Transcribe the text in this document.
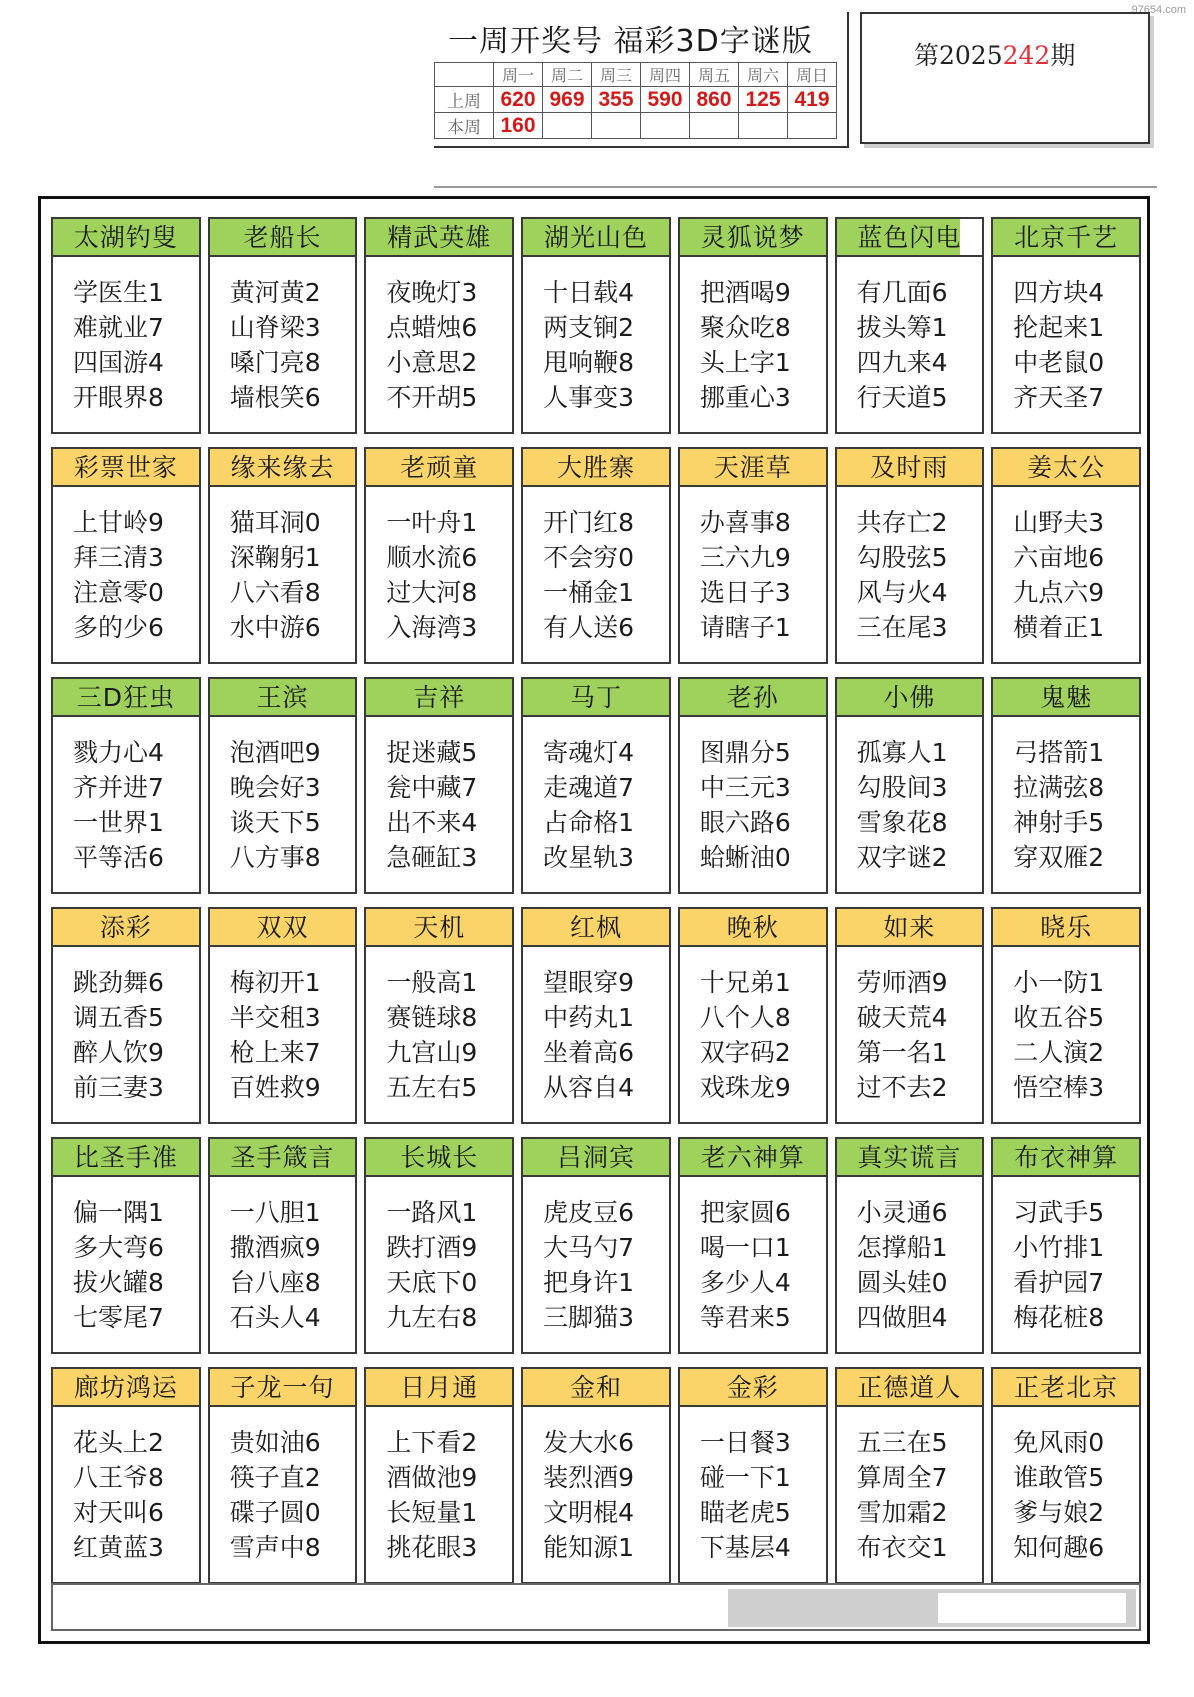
97654.com
一周开奖号 福彩3D字谜版
	周一	周二	周三	周四	周五	周六	周日
上周	620	969	355	590	860	125	419
本周	160						
第2025242期
太湖钓叟
学医生1
难就业7
四国游4
开眼界8
老船长
黄河黄2
山脊梁3
嗓门亮8
墙根笑6
精武英雄
夜晚灯3
点蜡烛6
小意思2
不开胡5
湖光山色
十日载4
两支锏2
甩响鞭8
人事变3
灵狐说梦
把酒喝9
聚众吃8
头上字1
挪重心3
蓝色闪电
有几面6
拔头筹1
四九来4
行天道5
北京千艺
四方块4
抡起来1
中老鼠0
齐天圣7
彩票世家
上甘岭9
拜三清3
注意零0
多的少6
缘来缘去
猫耳洞0
深鞠躬1
八六看8
水中游6
老顽童
一叶舟1
顺水流6
过大河8
入海湾3
大胜寨
开门红8
不会穷0
一桶金1
有人送6
天涯草
办喜事8
三六九9
选日子3
请瞎子1
及时雨
共存亡2
勾股弦5
风与火4
三在尾3
姜太公
山野夫3
六亩地6
九点六9
横着正1
三D狂虫
戮力心4
齐并进7
一世界1
平等活6
王滨
泡酒吧9
晚会好3
谈天下5
八方事8
吉祥
捉迷藏5
瓮中藏7
出不来4
急砸缸3
马丁
寄魂灯4
走魂道7
占命格1
改星轨3
老孙
图鼎分5
中三元3
眼六路6
蛤蜥油0
小佛
孤寡人1
勾股间3
雪象花8
双字谜2
鬼魅
弓搭箭1
拉满弦8
神射手5
穿双雁2
添彩
跳劲舞6
调五香5
醉人饮9
前三妻3
双双
梅初开1
半交租3
枪上来7
百姓救9
天机
一般高1
赛链球8
九宫山9
五左右5
红枫
望眼穿9
中药丸1
坐着高6
从容自4
晚秋
十兄弟1
八个人8
双字码2
戏珠龙9
如来
劳师酒9
破天荒4
第一名1
过不去2
晓乐
小一防1
收五谷5
二人演2
悟空棒3
比圣手准
偏一隅1
多大弯6
拔火罐8
七零尾7
圣手箴言
一八胆1
撒酒疯9
台八座8
石头人4
长城长
一路风1
跌打酒9
天底下0
九左右8
吕洞宾
虎皮豆6
大马勺7
把身许1
三脚猫3
老六神算
把家圆6
喝一口1
多少人4
等君来5
真实谎言
小灵通6
怎撑船1
圆头娃0
四做胆4
布衣神算
习武手5
小竹排1
看护园7
梅花桩8
廊坊鸿运
花头上2
八王爷8
对天叫6
红黄蓝3
子龙一句
贵如油6
筷子直2
碟子圆0
雪声中8
日月通
上下看2
酒做池9
长短量1
挑花眼3
金和
发大水6
装烈酒9
文明棍4
能知源1
金彩
一日餐3
碰一下1
瞄老虎5
下基层4
正德道人
五三在5
算周全7
雪加霜2
布衣交1
正老北京
免风雨0
谁敢管5
爹与娘2
知何趣6
